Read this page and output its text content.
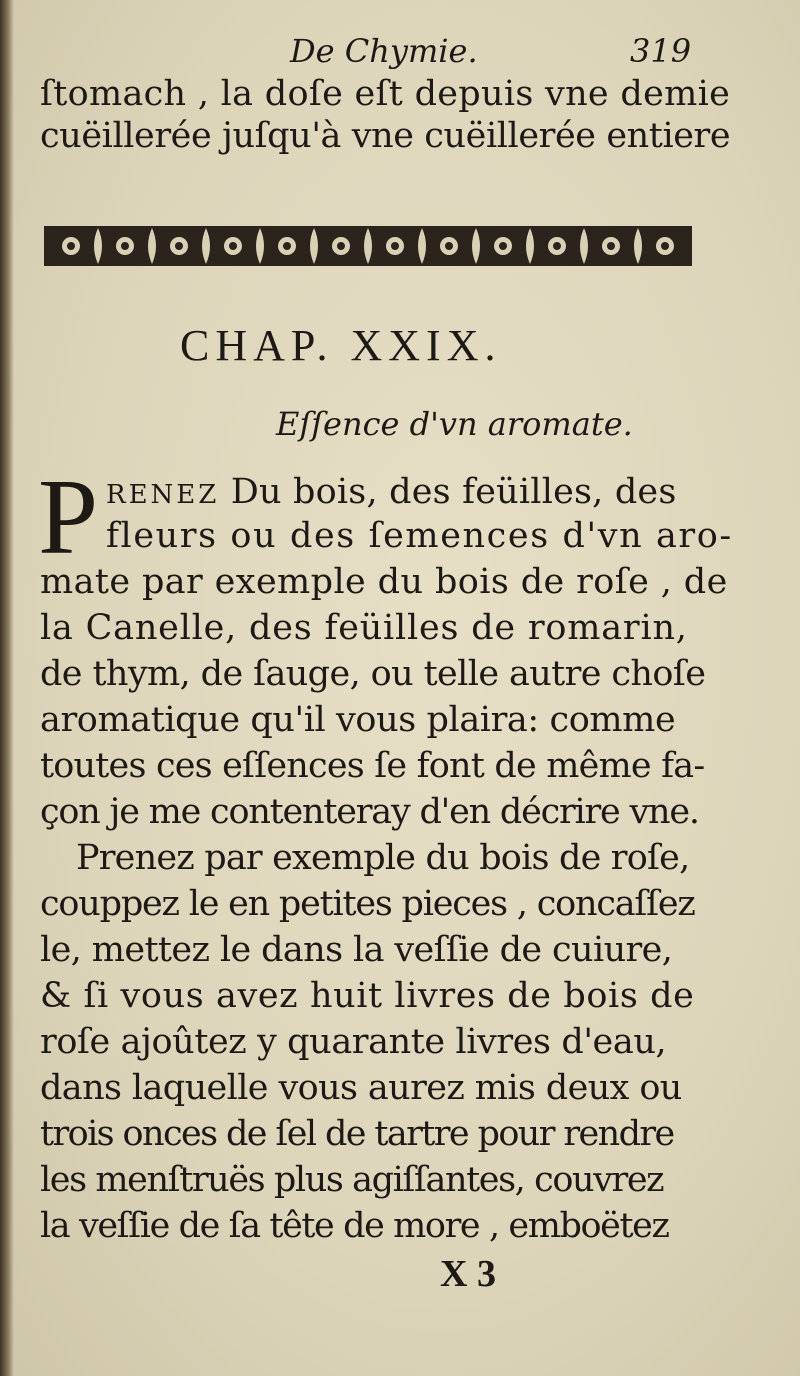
De Chymie.	319
ſtomach , la doſe eſt depuis vne demie
cuëillerée juſqu'à vne cuëillerée entiere
CHAP. XXIX.
Eſſence d'vn aromate.
P RENEZ Du bois, des feüilles, des
fleurs ou des ſemences d'vn aro-
mate par exemple du bois de roſe , de
la Canelle, des feüilles de romarin,
de thym, de ſauge, ou telle autre choſe
aromatique qu'il vous plaira: comme
toutes ces eſſences ſe font de même fa-
çon je me contenteray d'en décrire vne.
Prenez par exemple du bois de roſe,
couppez le en petites pieces , concaſſez
le, mettez le dans la veſſie de cuiure,
& ſi vous avez huit livres de bois de
roſe ajoûtez y quarante livres d'eau,
dans laquelle vous aurez mis deux ou
trois onces de ſel de tartre pour rendre
les menſtruës plus agiſſantes, couvrez
la veſſie de ſa tête de more , emboëtez
X 3
